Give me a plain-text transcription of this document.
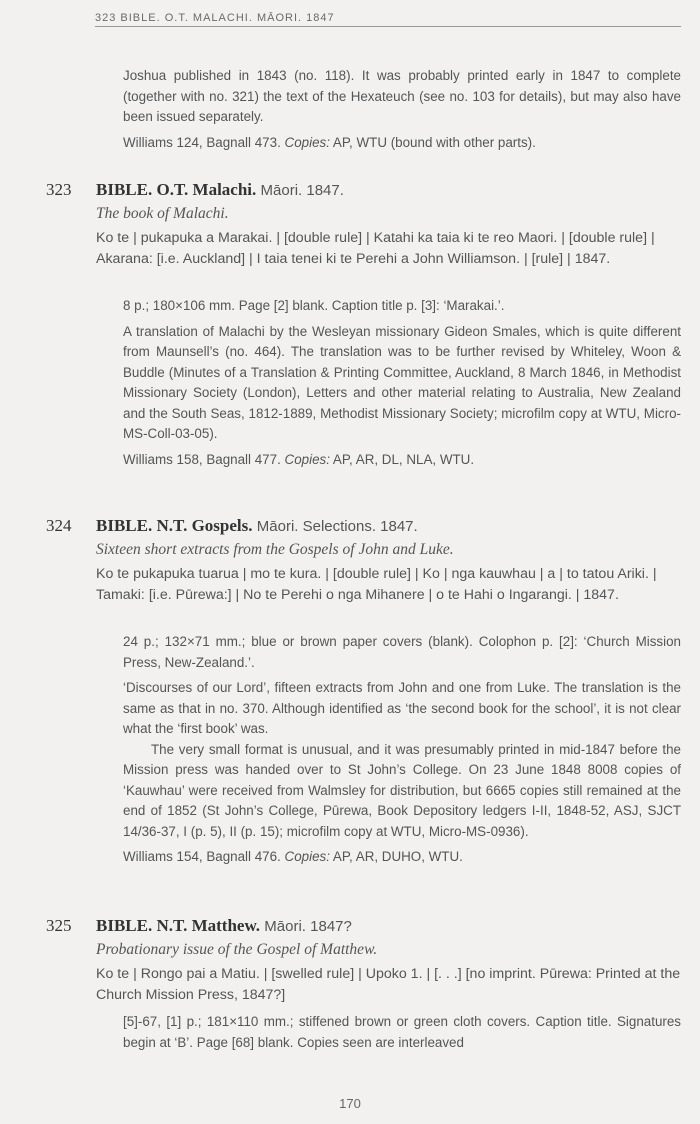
323 BIBLE. O.T. MALACHI. MĀORI. 1847

Joshua published in 1843 (no. 118). It was probably printed early in 1847 to complete (together with no. 321) the text of the Hexateuch (see no. 103 for details), but may also have been issued separately.

Williams 124, Bagnall 473. Copies: AP, WTU (bound with other parts).

323 BIBLE. O.T. Malachi. Māori. 1847.
The book of Malachi.
Ko te | pukapuka a Marakai. | [double rule] | Katahi ka taia ki te reo Maori. | [double rule] | Akarana: [i.e. Auckland] | I taia tenei ki te Perehi a John Williamson. | [rule] | 1847.

8 p.; 180×106 mm. Page [2] blank. Caption title p. [3]: ‘Marakai.’.

A translation of Malachi by the Wesleyan missionary Gideon Smales, which is quite different from Maunsell’s (no. 464). The translation was to be further revised by Whiteley, Woon & Buddle (Minutes of a Translation & Printing Committee, Auckland, 8 March 1846, in Methodist Missionary Society (London), Letters and other material relating to Australia, New Zealand and the South Seas, 1812-1889, Methodist Missionary Society; microfilm copy at WTU, Micro-MS-Coll-03-05).

Williams 158, Bagnall 477. Copies: AP, AR, DL, NLA, WTU.

324 BIBLE. N.T. Gospels. Māori. Selections. 1847.
Sixteen short extracts from the Gospels of John and Luke.
Ko te pukapuka tuarua | mo te kura. | [double rule] | Ko | nga kauwhau | a | to tatou Ariki. | Tamaki: [i.e. Pūrewa:] | No te Perehi o nga Mihanere | o te Hahi o Ingarangi. | 1847.

24 p.; 132×71 mm.; blue or brown paper covers (blank). Colophon p. [2]: ‘Church Mission Press, New-Zealand.’.

‘Discourses of our Lord’, fifteen extracts from John and one from Luke. The translation is the same as that in no. 370. Although identified as ‘the second book for the school’, it is not clear what the ‘first book’ was.

The very small format is unusual, and it was presumably printed in mid-1847 before the Mission press was handed over to St John’s College. On 23 June 1848 8008 copies of ‘Kauwhau’ were received from Walmsley for distribution, but 6665 copies still remained at the end of 1852 (St John’s College, Pūrewa, Book Depository ledgers I-II, 1848-52, ASJ, SJCT 14/36-37, I (p. 5), II (p. 15); microfilm copy at WTU, Micro-MS-0936).

Williams 154, Bagnall 476. Copies: AP, AR, DUHO, WTU.

325 BIBLE. N.T. Matthew. Māori. 1847?
Probationary issue of the Gospel of Matthew.
Ko te | Rongo pai a Matiu. | [swelled rule] | Upoko 1. | [. . .] [no imprint. Pūrewa: Printed at the Church Mission Press, 1847?]

[5]-67, [1] p.; 181×110 mm.; stiffened brown or green cloth covers. Caption title. Signatures begin at ‘B’. Page [68] blank. Copies seen are interleaved

170
